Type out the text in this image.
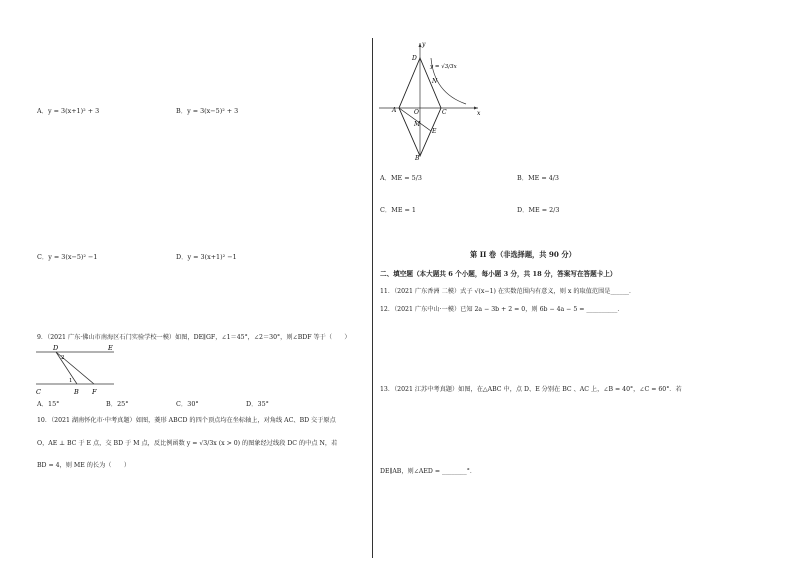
A．y = 3(x+1)² + 3	B．y = 3(x−5)² + 3
C．y = 3(x−5)² −1	D．y = 3(x+1)² −1
9．（2021 广东·佛山市南海区石门实验学校一模）如图，DE∥GF，∠1＝45°，∠2＝30°，则∠BDF 等于（　　）
D	E
C	B F
1
2
A．15°	B．25°	C．30°	D．35°
10．（2021 湖南怀化市·中考真题）如图，菱形 ABCD 的四个顶点均在坐标轴上，对角线 AC、BD 交于原点
O，AE ⊥ BC 于 E 点，交 BD 于 M 点，反比例函数 y = √3/3x (x > 0) 的图象经过线段 DC 的中点 N，若
BD = 4，则 ME 的长为（　　）
y
x
D
y = √3/3x
N
A	O	C
M
E
B
A．ME = 5/3	B．ME = 4/3
C．ME = 1	D．ME = 2/3
第 II 卷（非选择题，共 90 分）
二、填空题（本大题共 6 个小题，每小题 3 分，共 18 分，答案写在答题卡上）
11．（2021 广东香洲 二模）式子 √(x−1) 在实数范围内有意义，则 x 的取值范围是______．
12．（2021 广东中山·一模）已知 2a − 3b + 2 = 0，则 6b − 4a − 5 = __________．
13．（2021 江苏中考真题）如图，在△ABC 中，点 D、E 分别在 BC 、AC 上，∠B = 40°，∠C = 60°．若
DE∥AB，则∠AED = ________°．
